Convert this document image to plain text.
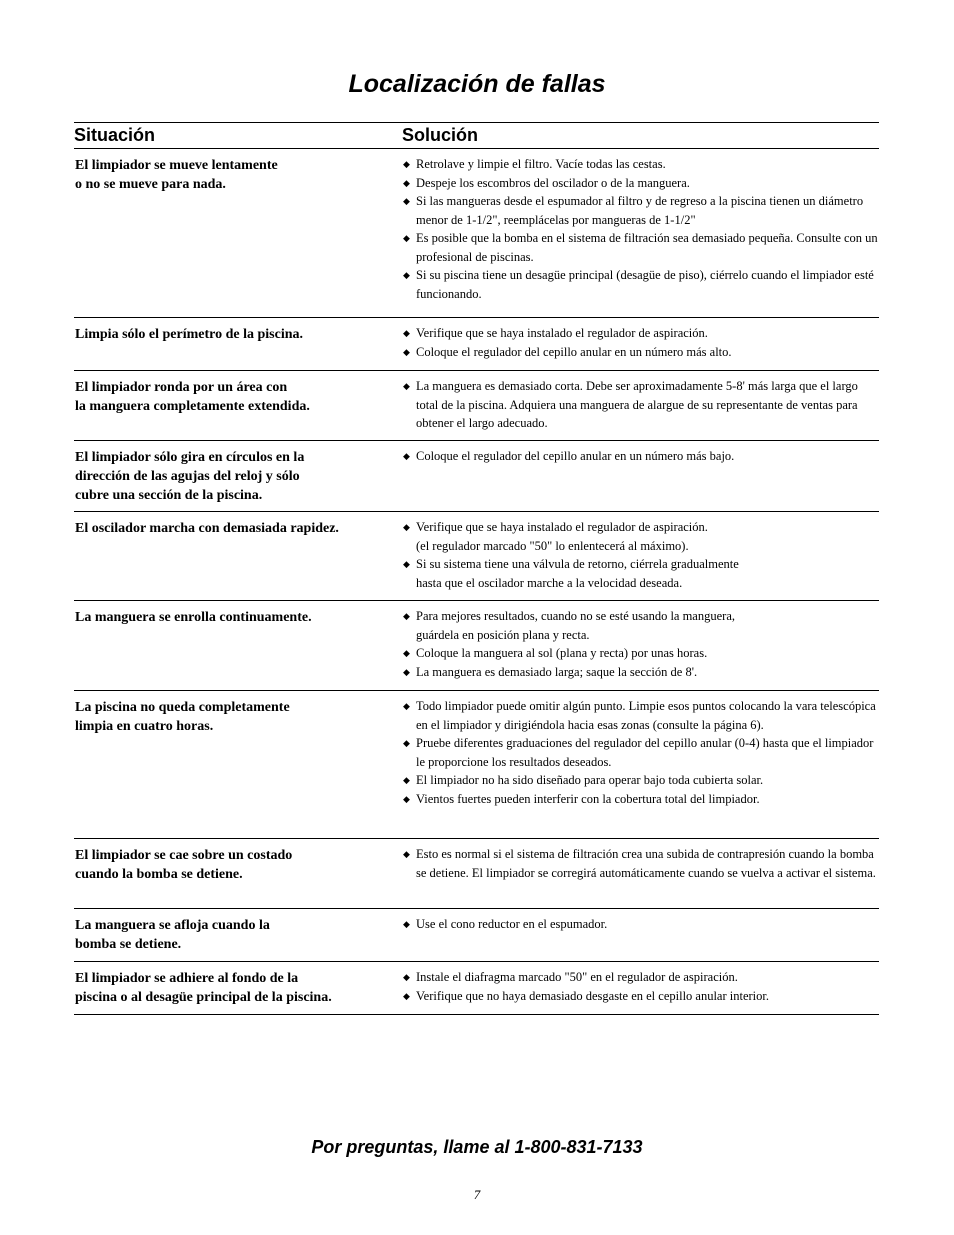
Localización de fallas
Situación	Solución
El limpiador se mueve lentamente
o no se mueve para nada.
◆ Retrolave y limpie el filtro. Vacíe todas las cestas.
◆ Despeje los escombros del oscilador o de la manguera.
◆ Si las mangueras desde el espumador al filtro y de regreso a la piscina tienen un diámetro menor de 1-1/2", reemplácelas por mangueras de 1-1/2"
◆ Es posible que la bomba en el sistema de filtración sea demasiado pequeña. Consulte con un profesional de piscinas.
◆ Si su piscina tiene un desagüe principal (desagüe de piso), ciérrelo cuando el limpiador esté funcionando.
Limpia sólo el perímetro de la piscina.	◆ Verifique que se haya instalado el regulador de aspiración.
◆ Coloque el regulador del cepillo anular en un número más alto.
El limpiador ronda por un área con
la manguera completamente extendida.
◆ La manguera es demasiado corta. Debe ser aproximadamente 5-8' más larga que el largo total de la piscina. Adquiera una manguera de alargue de su representante de ventas para obtener el largo adecuado.
El limpiador sólo gira en círculos en la
dirección de las agujas del reloj y sólo
cubre una sección de la piscina.
◆ Coloque el regulador del cepillo anular en un número más bajo.
El oscilador marcha con demasiada rapidez.	◆ Verifique que se haya instalado el regulador de aspiración.
(el regulador marcado "50" lo enlentecerá al máximo).
◆ Si su sistema tiene una válvula de retorno, ciérrela gradualmente
hasta que el oscilador marche a la velocidad deseada.
La manguera se enrolla continuamente.	◆ Para mejores resultados, cuando no se esté usando la manguera,
guárdela en posición plana y recta.
◆ Coloque la manguera al sol (plana y recta) por unas horas.
◆ La manguera es demasiado larga; saque la sección de 8'.
La piscina no queda completamente
limpia en cuatro horas.
◆ Todo limpiador puede omitir algún punto. Limpie esos puntos colocando la vara telescópica en el limpiador y dirigiéndola hacia esas zonas (consulte la página 6).
◆ Pruebe diferentes graduaciones del regulador del cepillo anular (0-4) hasta que el limpiador le proporcione los resultados deseados.
◆ El limpiador no ha sido diseñado para operar bajo toda cubierta solar.
◆ Vientos fuertes pueden interferir con la cobertura total del limpiador.
El limpiador se cae sobre un costado
cuando la bomba se detiene.
◆ Esto es normal si el sistema de filtración crea una subida de contrapresión cuando la bomba se detiene. El limpiador se corregirá automáticamente cuando se vuelva a activar el sistema.
La manguera se afloja cuando la
bomba se detiene.
◆ Use el cono reductor en el espumador.
El limpiador se adhiere al fondo de la
piscina o al desagüe principal de la piscina.
◆ Instale el diafragma marcado "50" en el regulador de aspiración.
◆ Verifique que no haya demasiado desgaste en el cepillo anular interior.
Por preguntas, llame al 1-800-831-7133
7
